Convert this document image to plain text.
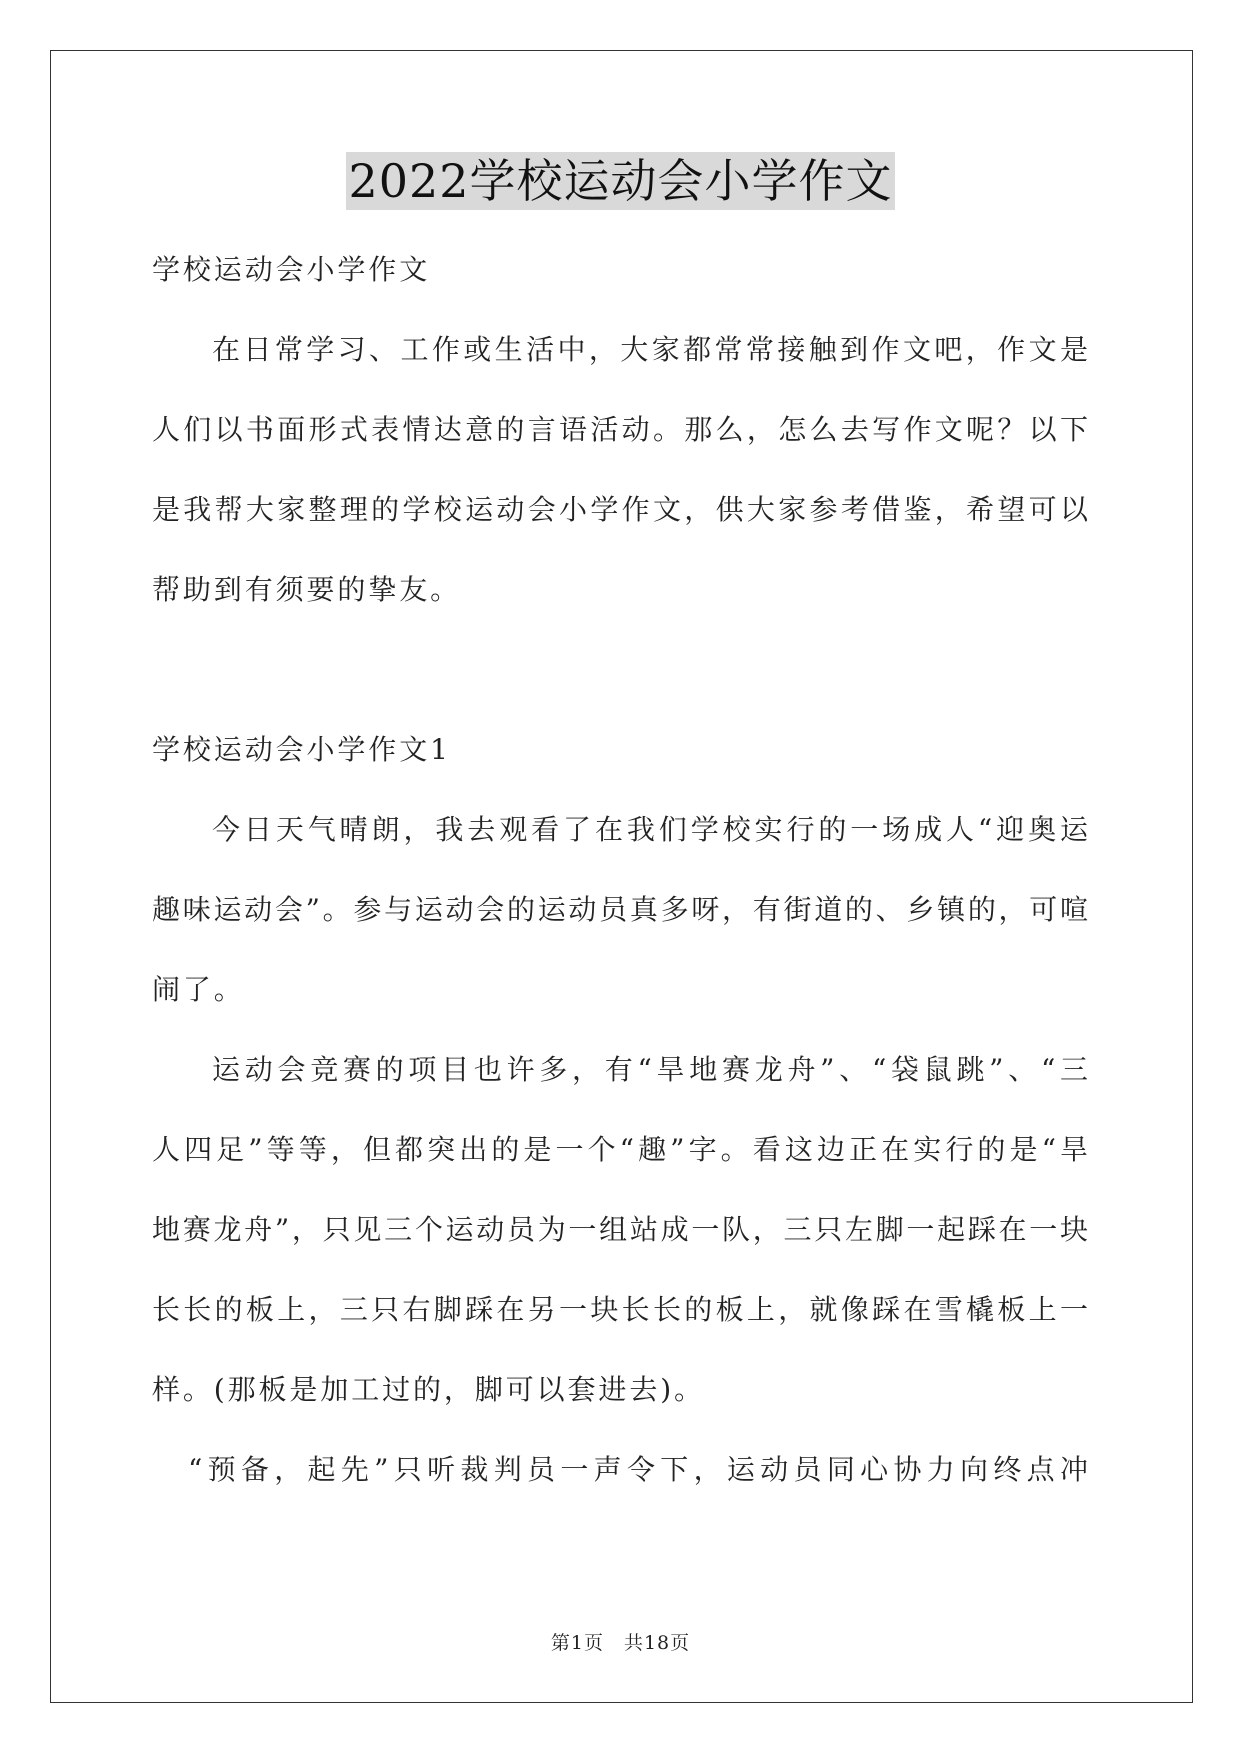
2022学校运动会小学作文
学校运动会小学作文
在日常学习、工作或生活中，大家都常常接触到作文吧，作文是
人们以书面形式表情达意的言语活动。那么，怎么去写作文呢？以下
是我帮大家整理的学校运动会小学作文，供大家参考借鉴，希望可以
帮助到有须要的挚友。
学校运动会小学作文1
今日天气晴朗，我去观看了在我们学校实行的一场成人“迎奥运
趣味运动会”。参与运动会的运动员真多呀，有街道的、乡镇的，可喧
闹了。
运动会竞赛的项目也许多，有“旱地赛龙舟”、“袋鼠跳”、“三
人四足”等等，但都突出的是一个“趣”字。看这边正在实行的是“旱
地赛龙舟”，只见三个运动员为一组站成一队，三只左脚一起踩在一块
长长的板上，三只右脚踩在另一块长长的板上，就像踩在雪橇板上一
样。(那板是加工过的，脚可以套进去)。
“预备，起先”只听裁判员一声令下，运动员同心协力向终点冲
第1页　共18页
